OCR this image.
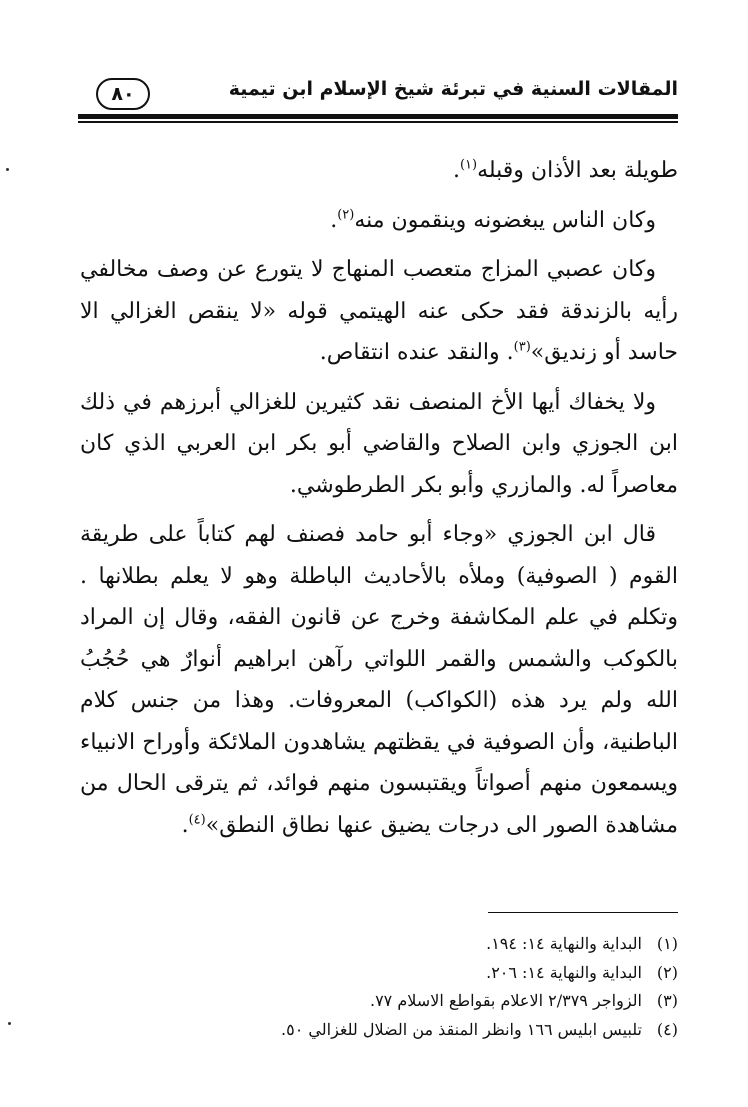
المقالات السنية في تبرئة شيخ الإسلام ابن تيمية
٨٠

طويلة بعد الأذان وقبله$^{(١)}$.

وكان الناس يبغضونه وينقمون منه$^{(٢)}$.

وكان عصبي المزاج متعصب المنهاج لا يتورع عن وصف مخالفي رأيه بالزندقة فقد حكى عنه الهيتمي قوله «لا ينقص الغزالي الا حاسد أو زنديق»$^{(٣)}$. والنقد عنده انتقاص.

ولا يخفاك أيها الأخ المنصف نقد كثيرين للغزالي أبرزهم في ذلك ابن الجوزي وابن الصلاح والقاضي أبو بكر ابن العربي الذي كان معاصراً له. والمازري وأبو بكر الطرطوشي.

قال ابن الجوزي «وجاء أبو حامد فصنف لهم كتاباً على طريقة القوم ( الصوفية) وملأه بالأحاديث الباطلة وهو لا يعلم بطلانها . وتكلم في علم المكاشفة وخرج عن قانون الفقه، وقال إن المراد بالكوكب والشمس والقمر اللواتي رآهن ابراهيم أنوارٌ هي حُجُبُ الله ولم يرد هذه (الكواكب) المعروفات. وهذا من جنس كلام الباطنية، وأن الصوفية في يقظتهم يشاهدون الملائكة وأوراح الانبياء ويسمعون منهم أصواتاً ويقتبسون منهم فوائد، ثم يترقى الحال من مشاهدة الصور الى درجات يضيق عنها نطاق النطق»$^{(٤)}$.

(١)البداية والنهاية ١٤: ١٩٤.
(٢)البداية والنهاية ١٤: ٢٠٦.
(٣)الزواجر ٢/٣٧٩ الاعلام بقواطع الاسلام ٧٧.
(٤)تلبيس ابليس ١٦٦ وانظر المنقذ من الضلال للغزالي ٥٠.
